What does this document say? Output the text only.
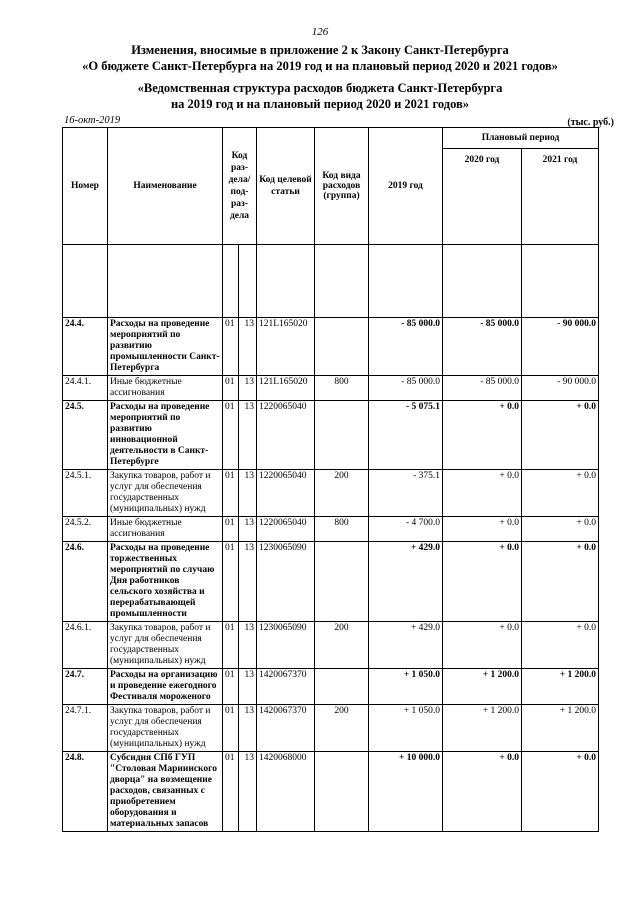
126
Изменения, вносимые в приложение 2 к Закону Санкт-Петербурга
«О бюджете Санкт-Петербурга на 2019 год и на плановый период 2020 и 2021 годов»
«Ведомственная структура расходов бюджета Санкт-Петербурга
на 2019 год и на плановый период 2020 и 2021 годов»
16-окт-2019	(тыс. руб.)
Номер	Наименование	Код раз-дела/ под-раз-дела		Код целевой статьи	Код вида расходов (группа)	2019 год	Плановый период	
							2020 год	2021 год

24.4.	Расходы на проведение мероприятий по развитию промышленности Санкт-Петербурга	01	13	121L165020		- 85 000.0	- 85 000.0	- 90 000.0
24.4.1.	Иные бюджетные ассигнования	01	13	121L165020	800	- 85 000.0	- 85 000.0	- 90 000.0
24.5.	Расходы на проведение мероприятий по развитию инновационной деятельности в Санкт-Петербурге	01	13	1220065040		- 5 075.1	+ 0.0	+ 0.0
24.5.1.	Закупка товаров, работ и услуг для обеспечения государственных (муниципальных) нужд	01	13	1220065040	200	- 375.1	+ 0.0	+ 0.0
24.5.2.	Иные бюджетные ассигнования	01	13	1220065040	800	- 4 700.0	+ 0.0	+ 0.0
24.6.	Расходы на проведение торжественных мероприятий по случаю Дня работников сельского хозяйства и перерабатывающей промышленности	01	13	1230065090		+ 429.0	+ 0.0	+ 0.0
24.6.1.	Закупка товаров, работ и услуг для обеспечения государственных (муниципальных) нужд	01	13	1230065090	200	+ 429.0	+ 0.0	+ 0.0
24.7.	Расходы на организацию и проведение ежегодного Фестиваля мороженого	01	13	1420067370		+ 1 050.0	+ 1 200.0	+ 1 200.0
24.7.1.	Закупка товаров, работ и услуг для обеспечения государственных (муниципальных) нужд	01	13	1420067370	200	+ 1 050.0	+ 1 200.0	+ 1 200.0
24.8.	Субсидия СПб ГУП "Столовая Мариинского дворца" на возмещение расходов, связанных с приобретением оборудования и материальных запасов	01	13	1420068000		+ 10 000.0	+ 0.0	+ 0.0
